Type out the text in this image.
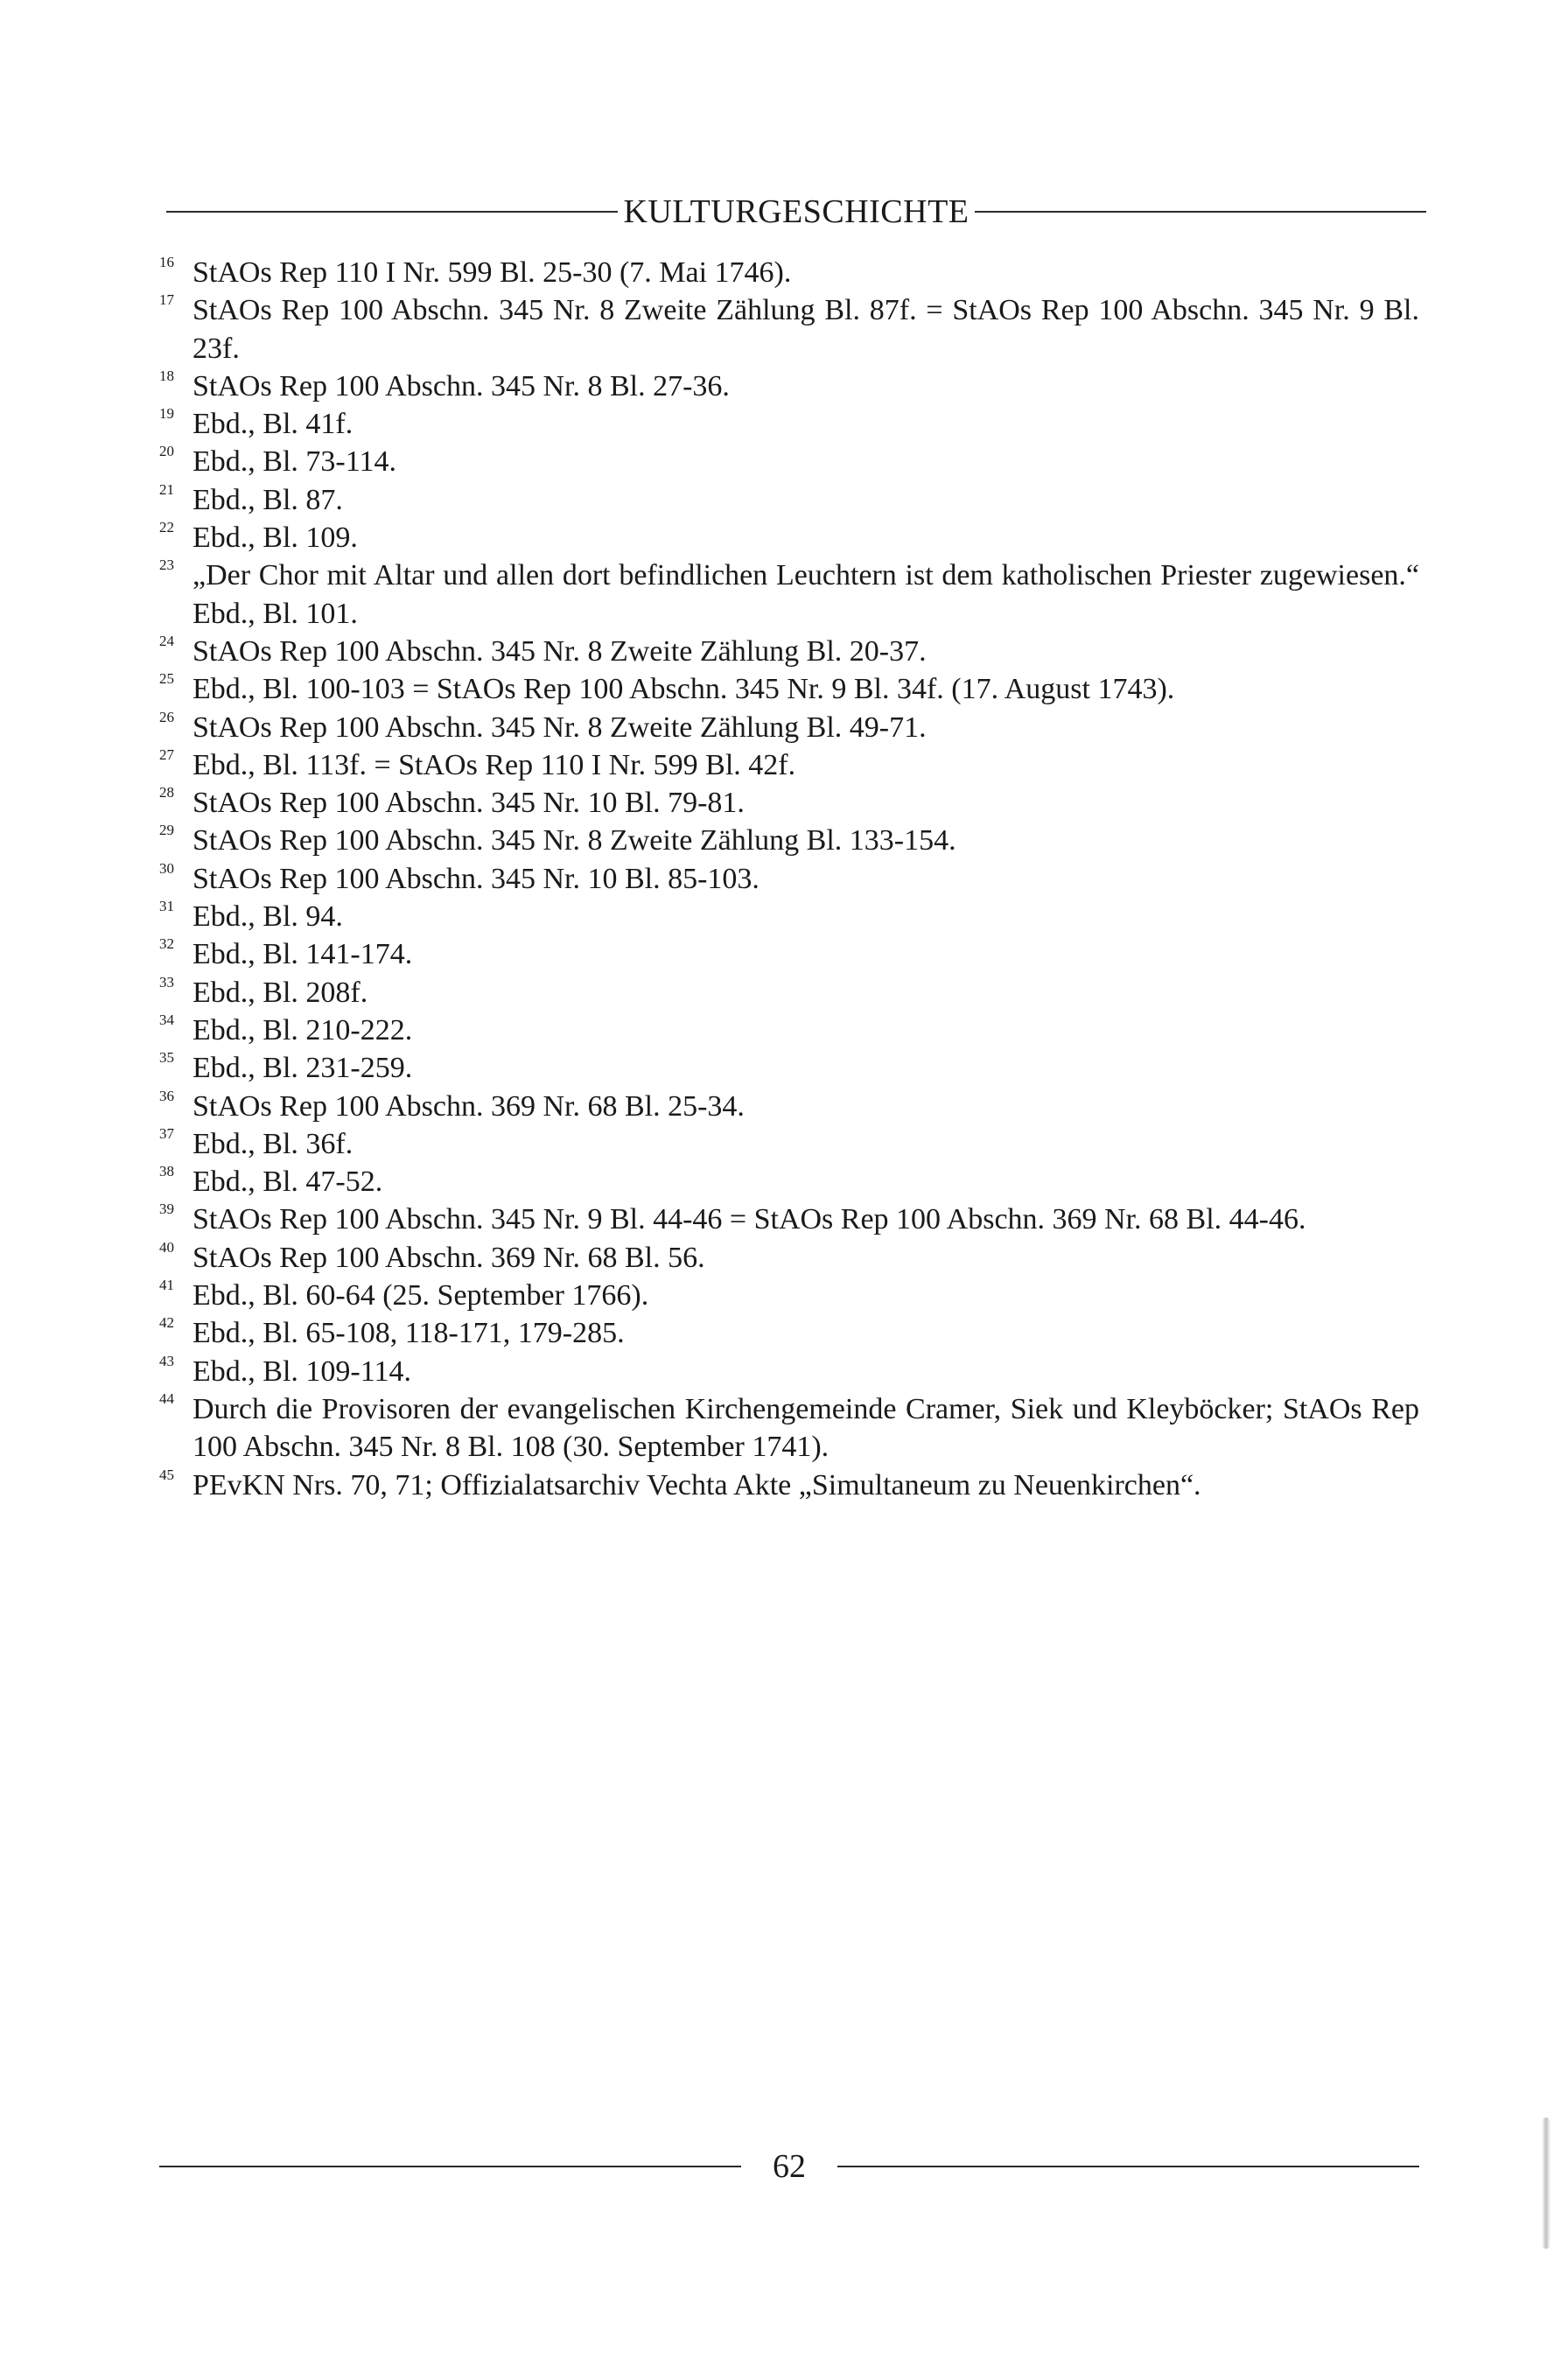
KULTURGESCHICHTE
16 StAOs Rep 110 I Nr. 599 Bl. 25-30 (7. Mai 1746).
17 StAOs Rep 100 Abschn. 345 Nr. 8 Zweite Zählung Bl. 87f. = StAOs Rep 100 Abschn. 345 Nr. 9 Bl. 23f.
18 StAOs Rep 100 Abschn. 345 Nr. 8 Bl. 27-36.
19 Ebd., Bl. 41f.
20 Ebd., Bl. 73-114.
21 Ebd., Bl. 87.
22 Ebd., Bl. 109.
23 „Der Chor mit Altar und allen dort befindlichen Leuchtern ist dem katholischen Priester zugewiesen.“ Ebd., Bl. 101.
24 StAOs Rep 100 Abschn. 345 Nr. 8 Zweite Zählung Bl. 20-37.
25 Ebd., Bl. 100-103 = StAOs Rep 100 Abschn. 345 Nr. 9 Bl. 34f. (17. August 1743).
26 StAOs Rep 100 Abschn. 345 Nr. 8 Zweite Zählung Bl. 49-71.
27 Ebd., Bl. 113f. = StAOs Rep 110 I Nr. 599 Bl. 42f.
28 StAOs Rep 100 Abschn. 345 Nr. 10 Bl. 79-81.
29 StAOs Rep 100 Abschn. 345 Nr. 8 Zweite Zählung Bl. 133-154.
30 StAOs Rep 100 Abschn. 345 Nr. 10 Bl. 85-103.
31 Ebd., Bl. 94.
32 Ebd., Bl. 141-174.
33 Ebd., Bl. 208f.
34 Ebd., Bl. 210-222.
35 Ebd., Bl. 231-259.
36 StAOs Rep 100 Abschn. 369 Nr. 68 Bl. 25-34.
37 Ebd., Bl. 36f.
38 Ebd., Bl. 47-52.
39 StAOs Rep 100 Abschn. 345 Nr. 9 Bl. 44-46 = StAOs Rep 100 Abschn. 369 Nr. 68 Bl. 44-46.
40 StAOs Rep 100 Abschn. 369 Nr. 68 Bl. 56.
41 Ebd., Bl. 60-64 (25. September 1766).
42 Ebd., Bl. 65-108, 118-171, 179-285.
43 Ebd., Bl. 109-114.
44 Durch die Provisoren der evangelischen Kirchengemeinde Cramer, Siek und Kleyböcker; StAOs Rep 100 Abschn. 345 Nr. 8 Bl. 108 (30. September 1741).
45 PEvKN Nrs. 70, 71; Offizialatsarchiv Vechta Akte „Simultaneum zu Neuenkirchen“.
62
